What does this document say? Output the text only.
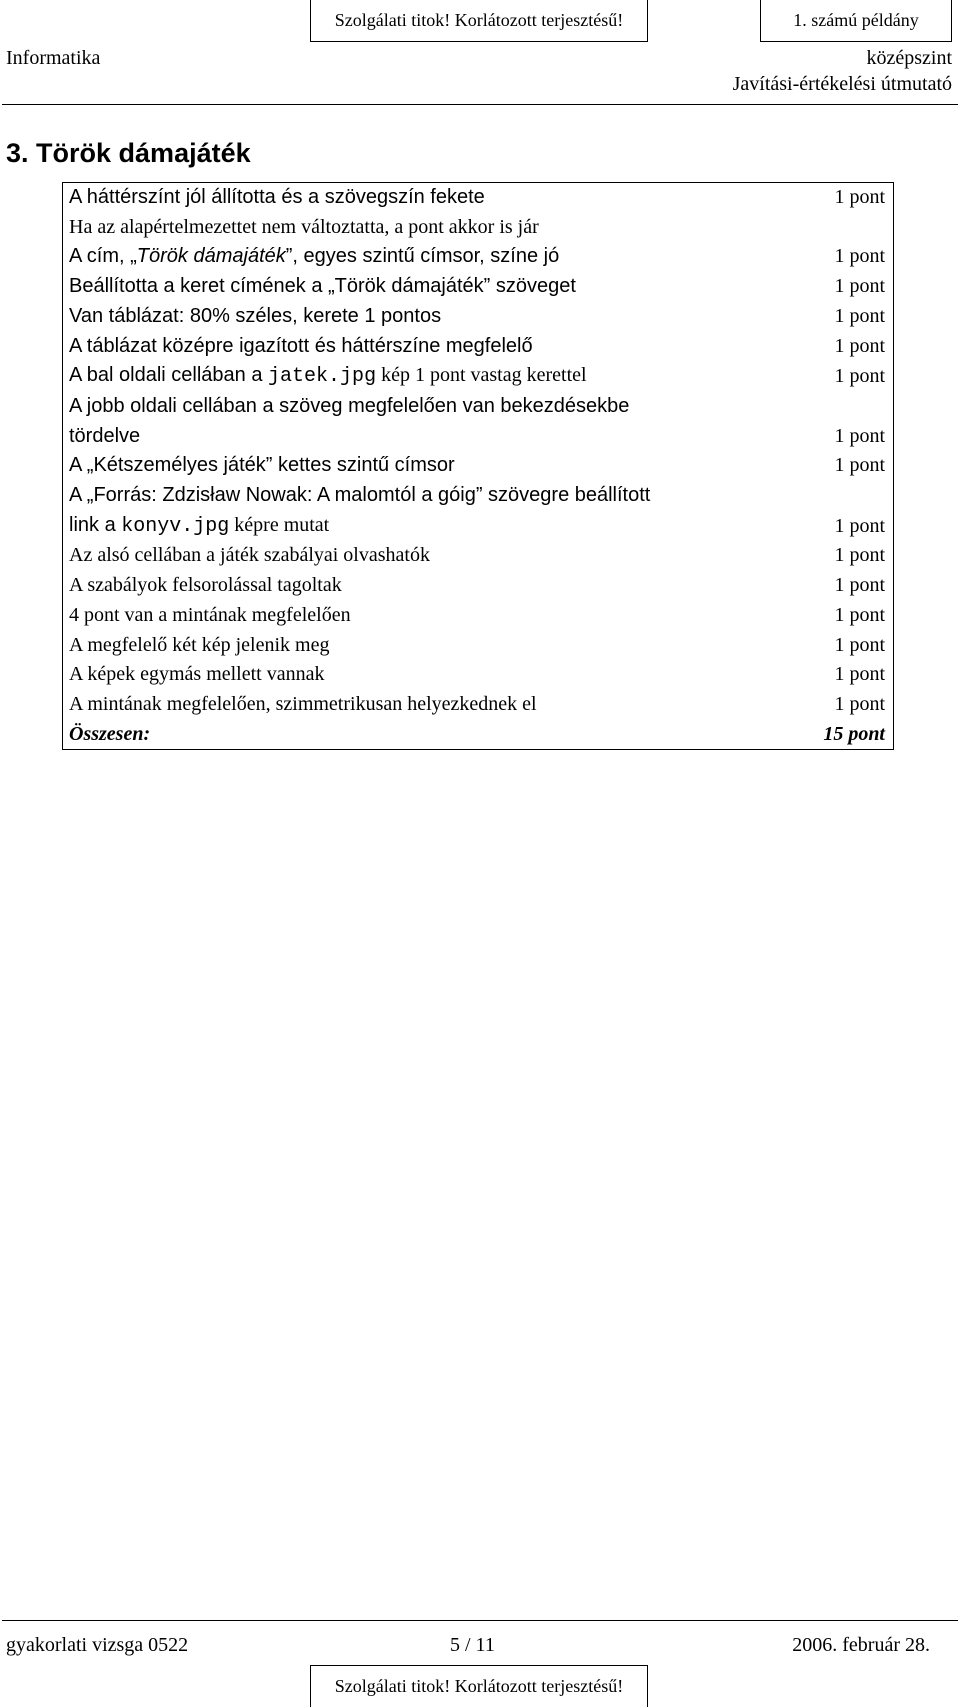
Szolgálati titok! Korlátozott terjesztésű!	1. számú példány
Informatika	középszint
Javítási-értékelési útmutató
3. Török dámajáték
A háttérszínt jól állította és a szövegszín fekete	1 pont
Ha az alapértelmezettet nem változtatta, a pont akkor is jár
A cím, „Török dámajáték”, egyes szintű címsor, színe jó	1 pont
Beállította a keret címének a „Török dámajáték” szöveget	1 pont
Van táblázat: 80% széles, kerete 1 pontos	1 pont
A táblázat középre igazított és háttérszíne megfelelő	1 pont
A bal oldali cellában a jatek.jpg kép 1 pont vastag kerettel	1 pont
A jobb oldali cellában a szöveg megfelelően van bekezdésekbe
tördelve	1 pont
A „Kétszemélyes játék” kettes szintű címsor	1 pont
A „Forrás: Zdzisław Nowak: A malomtól a góig” szövegre beállított
link a konyv.jpg képre mutat	1 pont
Az alsó cellában a játék szabályai olvashatók	1 pont
A szabályok felsorolással tagoltak	1 pont
4 pont van a mintának megfelelően	1 pont
A megfelelő két kép jelenik meg	1 pont
A képek egymás mellett vannak	1 pont
A mintának megfelelően, szimmetrikusan helyezkednek el	1 pont
Összesen:	15 pont
gyakorlati vizsga 0522	5 / 11	2006. február 28.
Szolgálati titok! Korlátozott terjesztésű!
